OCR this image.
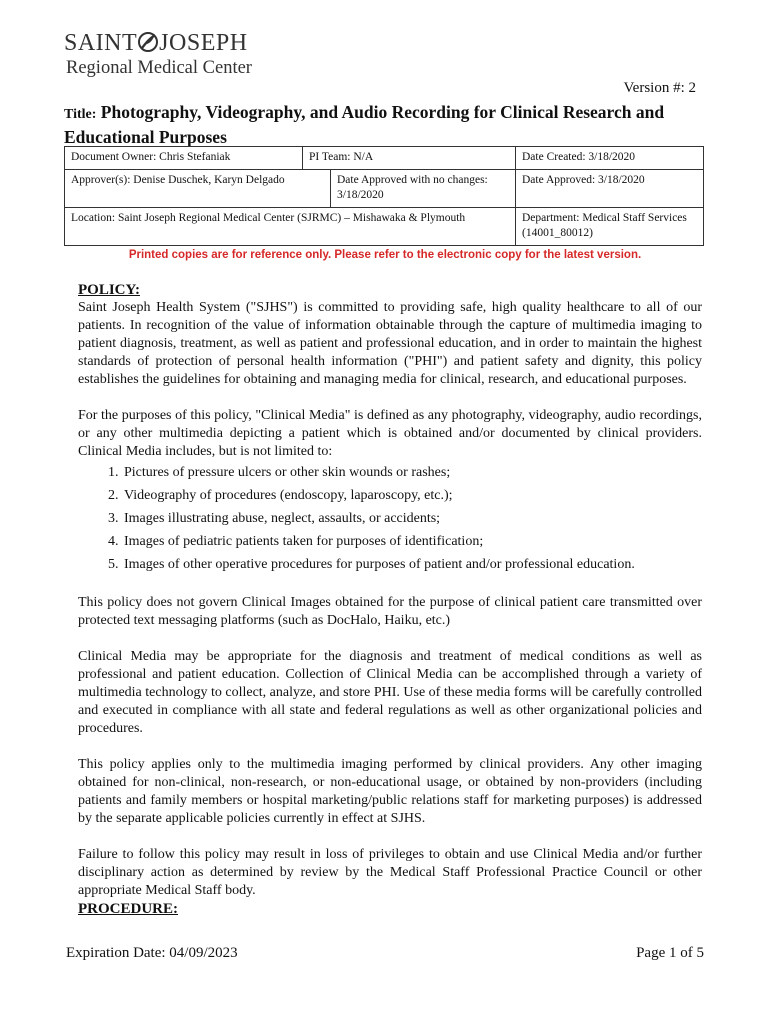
SAINT JOSEPH
Regional Medical Center
Version #: 2
Title: Photography, Videography, and Audio Recording for Clinical Research and Educational Purposes
Document Owner: Chris Stefaniak	PI Team: N/A		Date Created: 3/18/2020
Approver(s): Denise Duschek, Karyn Delgado		Date Approved with no changes: 3/18/2020	Date Approved: 3/18/2020
Location: Saint Joseph Regional Medical Center (SJRMC) – Mishawaka & Plymouth			Department: Medical Staff Services (14001_80012)
Printed copies are for reference only. Please refer to the electronic copy for the latest version.

POLICY:

Saint Joseph Health System ("SJHS") is committed to providing safe, high quality healthcare to all of our patients. In recognition of the value of information obtainable through the capture of multimedia imaging to patient diagnosis, treatment, as well as patient and professional education, and in order to maintain the highest standards of protection of personal health information ("PHI") and patient safety and dignity, this policy establishes the guidelines for obtaining and managing media for clinical, research, and educational purposes.

For the purposes of this policy, "Clinical Media" is defined as any photography, videography, audio recordings, or any other multimedia depicting a patient which is obtained and/or documented by clinical providers. Clinical Media includes, but is not limited to:

1. Pictures of pressure ulcers or other skin wounds or rashes;
2. Videography of procedures (endoscopy, laparoscopy, etc.);
3. Images illustrating abuse, neglect, assaults, or accidents;
4. Images of pediatric patients taken for purposes of identification;
5. Images of other operative procedures for purposes of patient and/or professional education.

This policy does not govern Clinical Images obtained for the purpose of clinical patient care transmitted over protected text messaging platforms (such as DocHalo, Haiku, etc.)

Clinical Media may be appropriate for the diagnosis and treatment of medical conditions as well as professional and patient education. Collection of Clinical Media can be accomplished through a variety of multimedia technology to collect, analyze, and store PHI. Use of these media forms will be carefully controlled and executed in compliance with all state and federal regulations as well as other organizational policies and procedures.

This policy applies only to the multimedia imaging performed by clinical providers. Any other imaging obtained for non-clinical, non-research, or non-educational usage, or obtained by non-providers (including patients and family members or hospital marketing/public relations staff for marketing purposes) is addressed by the separate applicable policies currently in effect at SJHS.

Failure to follow this policy may result in loss of privileges to obtain and use Clinical Media and/or further disciplinary action as determined by review by the Medical Staff Professional Practice Council or other appropriate Medical Staff body.

PROCEDURE:

Expiration Date: 04/09/2023	Page 1 of 5
